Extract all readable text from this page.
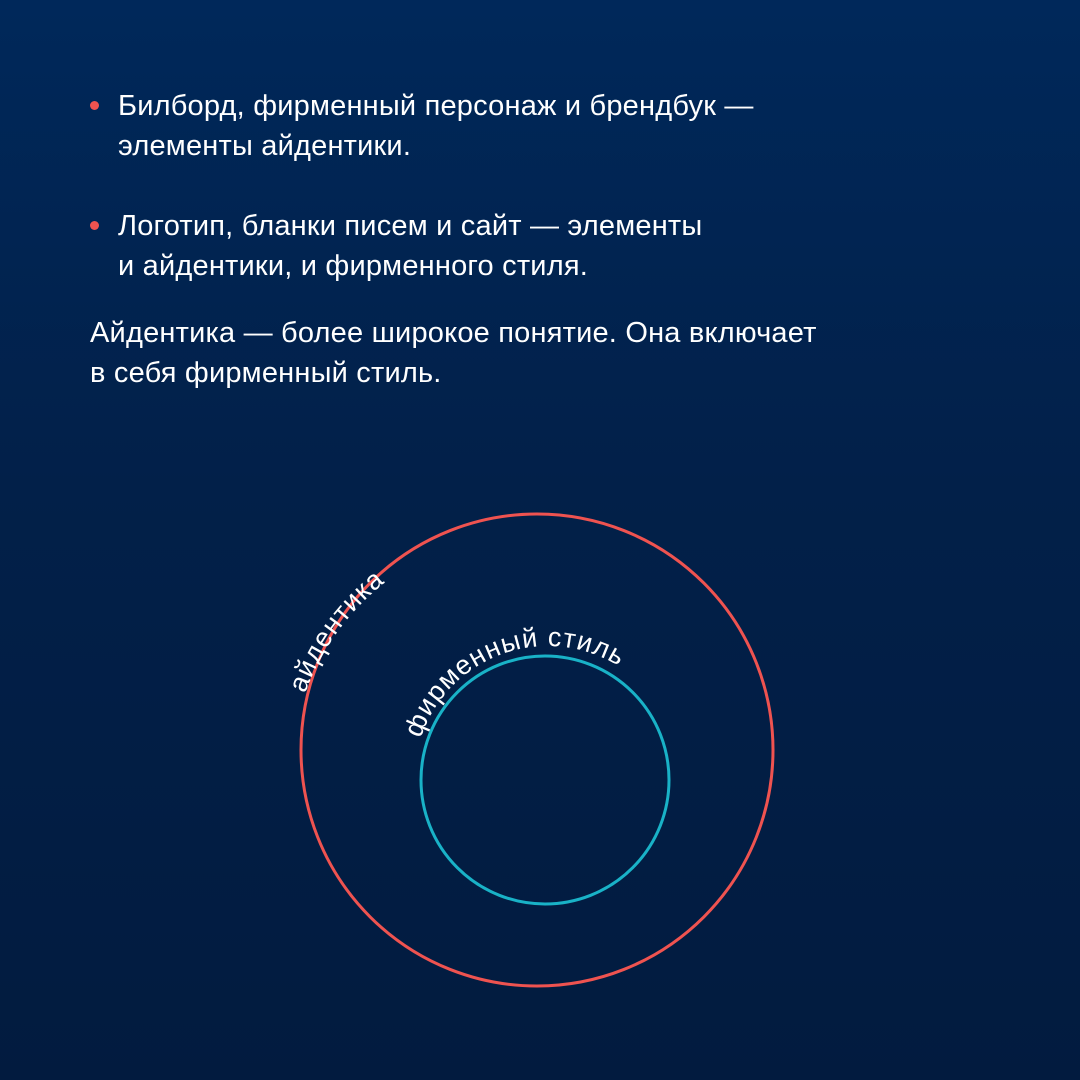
Билборд, фирменный персонаж и брендбук —
элементы айдентики.
Логотип, бланки писем и сайт — элементы
и айдентики, и фирменного стиля.

Айдентика — более широкое понятие. Она включает
в себя фирменный стиль.

айдентика
фирменный стиль
